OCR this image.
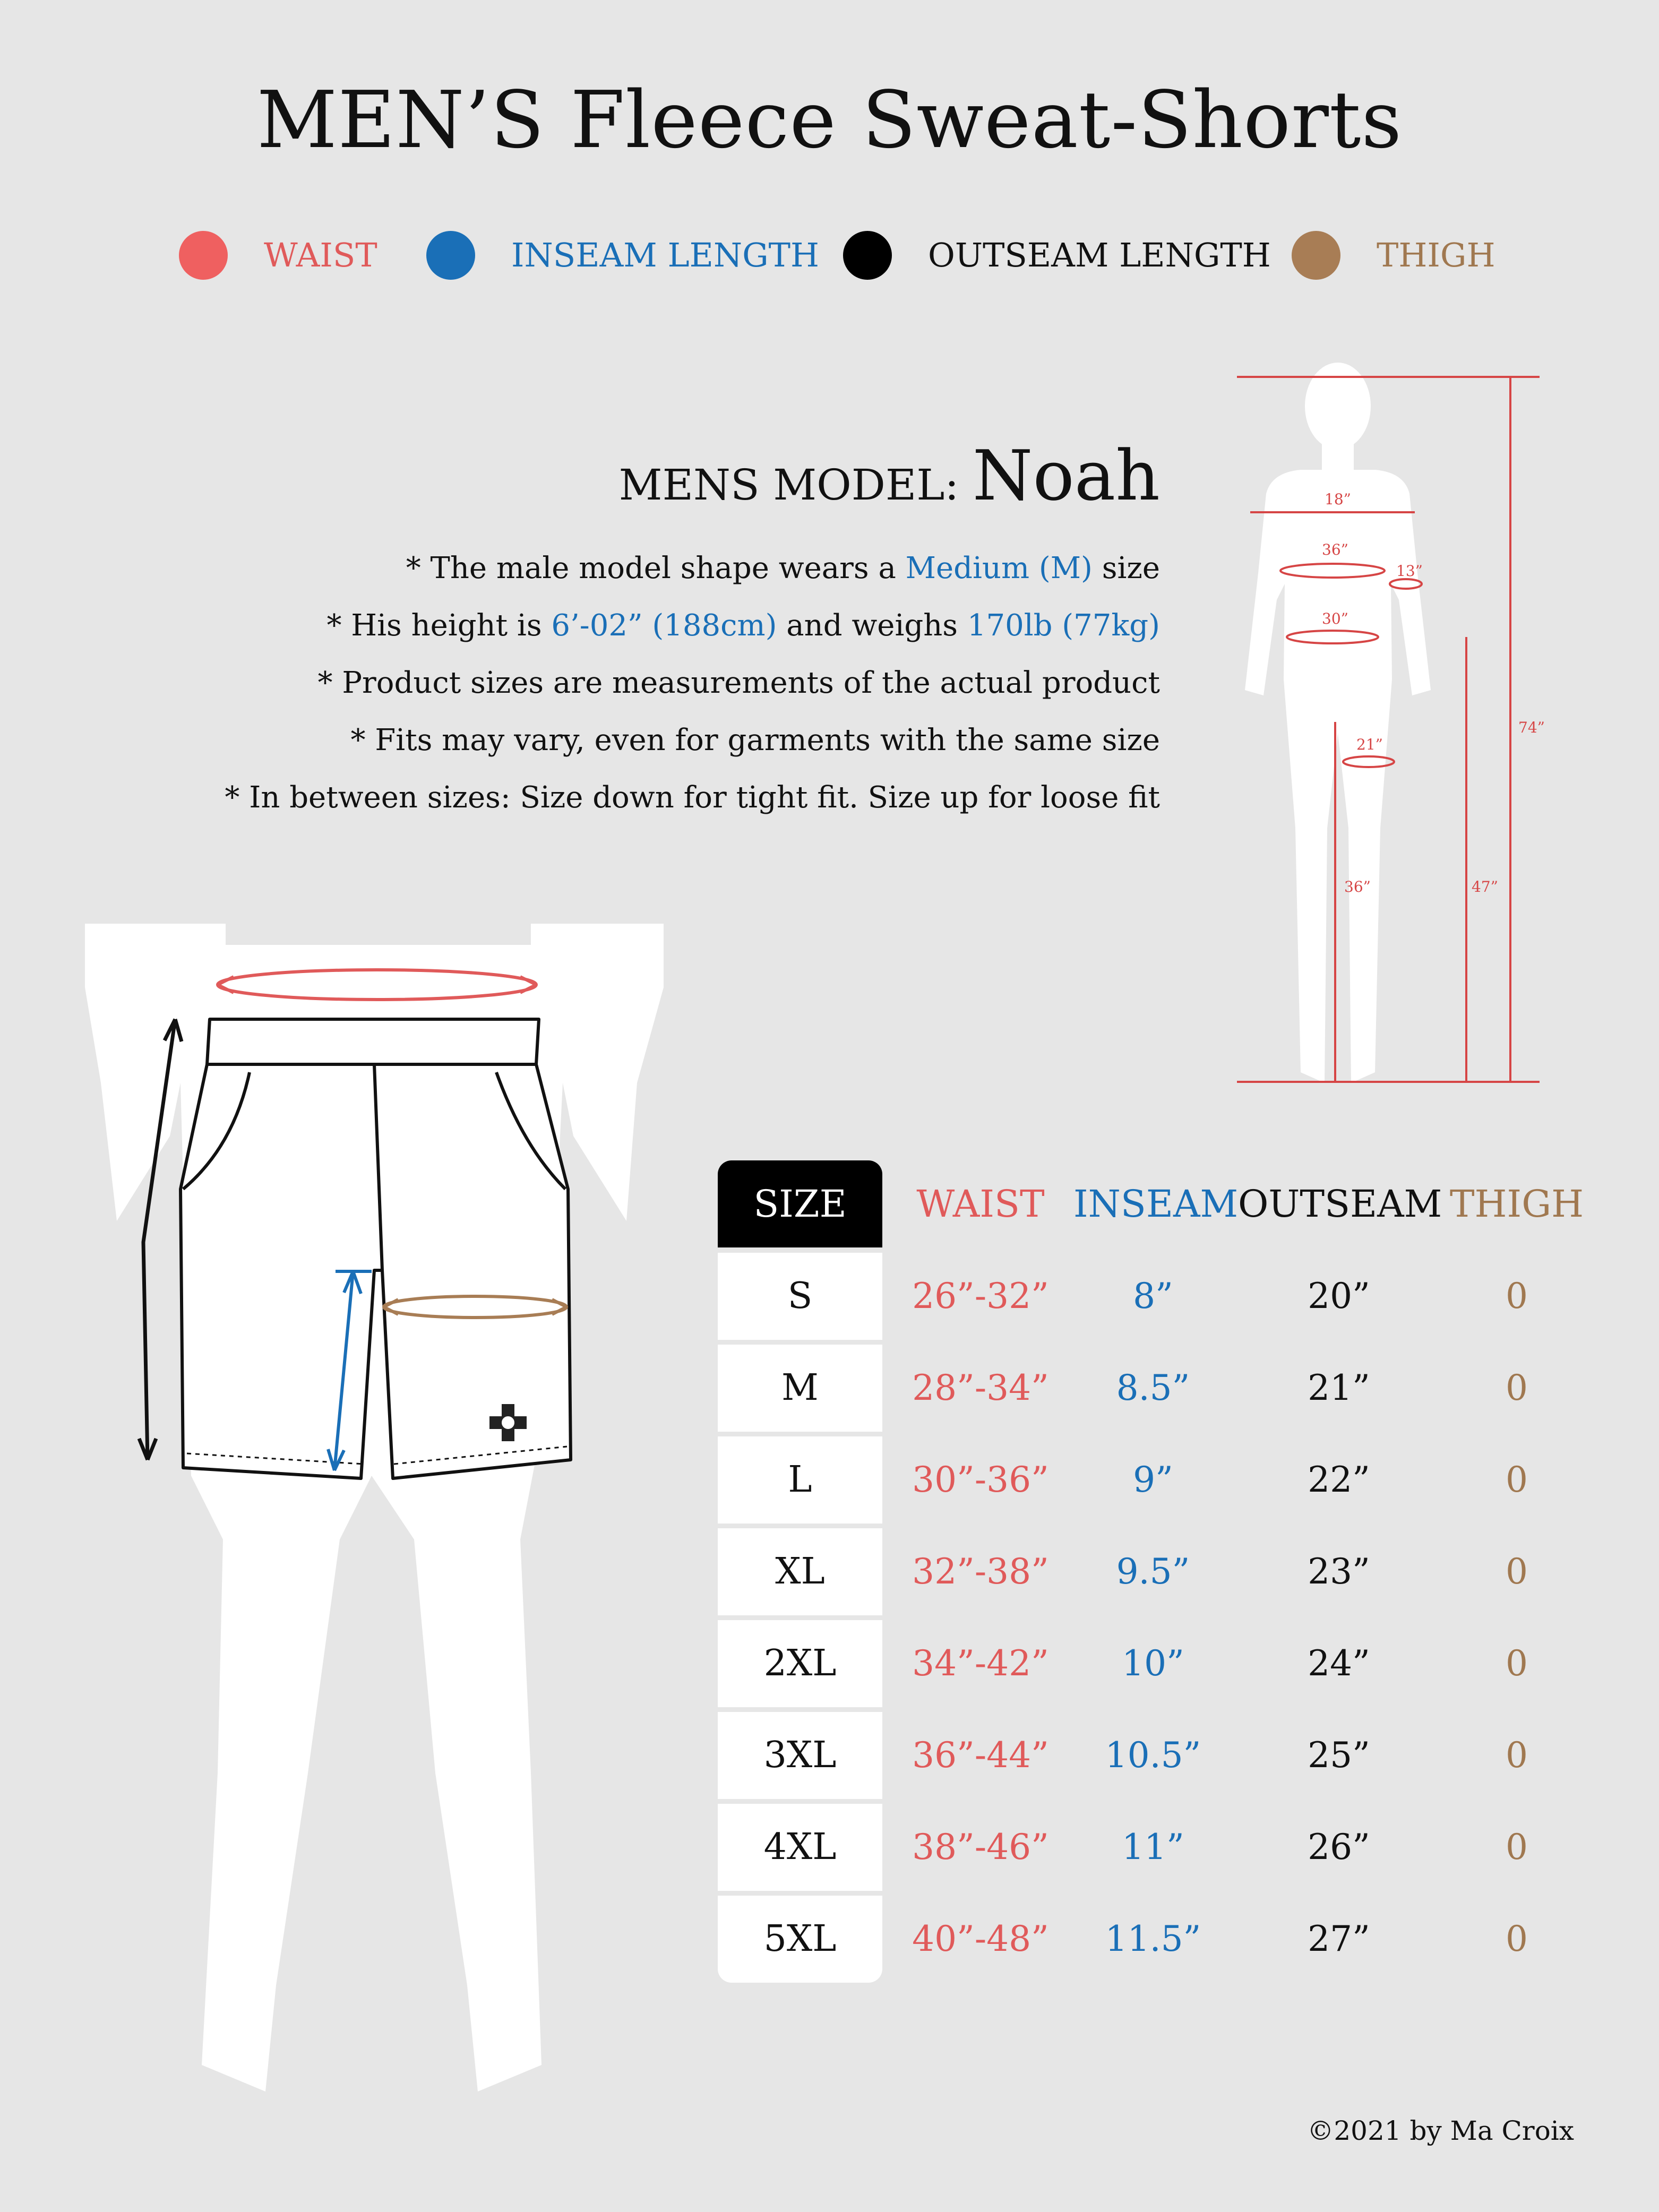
MEN’S Fleece Sweat-Shorts
WAIST	INSEAM LENGTH	OUTSEAM LENGTH	THIGH
MENS MODEL: Noah
* The male model shape wears a Medium (M) size
* His height is 6’-02” (188cm) and weighs 170lb (77kg)
* Product sizes are measurements of the actual product
* Fits may vary, even for garments with the same size
* In between sizes: Size down for tight fit. Size up for loose fit
18”
36”
13”
30”
21”
36”	47”
74”
SIZE	WAIST INSEAM OUTSEAM THIGH
S	26”-32”	8”	20”	0
M	28”-34”	8.5”	21”	0
L	30”-36”	9”	22”	0
XL	32”-38”	9.5”	23”	0
2XL	34”-42”	10”	24”	0
3XL	36”-44”	10.5”	25”	0
4XL	38”-46”	11”	26”	0
5XL	40”-48”	11.5”	27”	0
©2021 by Ma Croix
